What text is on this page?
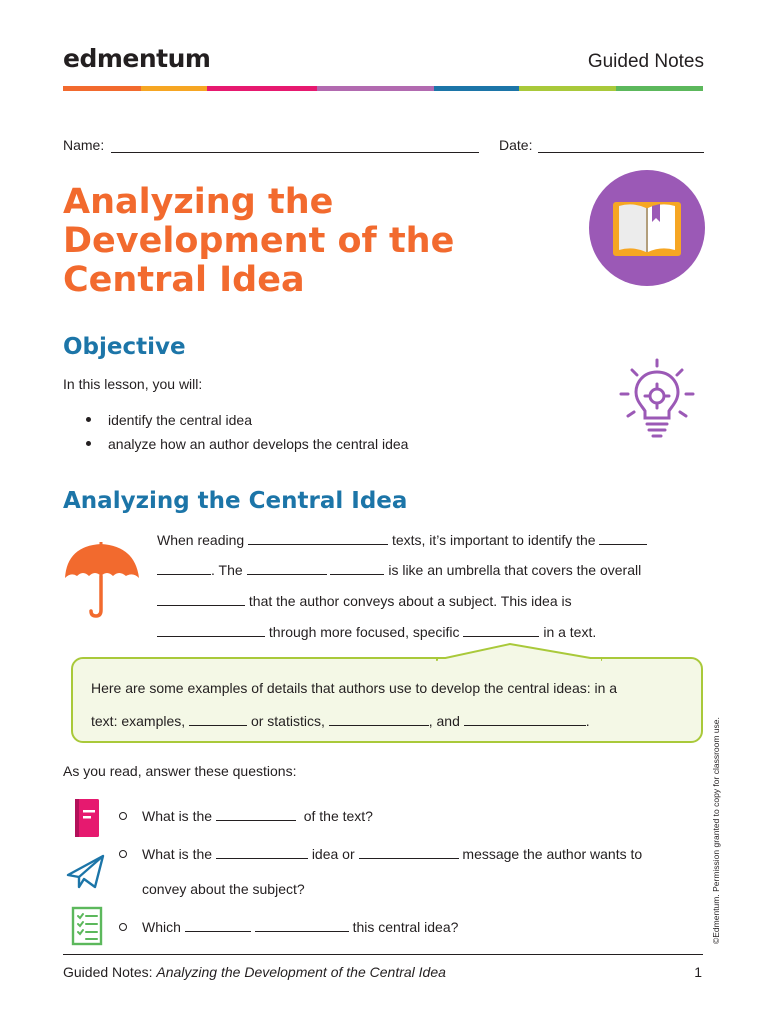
edmentum	Guided Notes
Name:	Date:
Analyzing the
Development of the
Central Idea
Objective
In this lesson, you will:
identify the central idea
analyze how an author develops the central idea
Analyzing the Central Idea
When reading	texts, it’s important to identify the
. The	is like an umbrella that covers the overall
that the author conveys about a subject. This idea is
through more focused, specific	in a text.
Here are some examples of details that authors use to develop the central ideas: in a
text: examples,	or statistics,	, and	.
As you read, answer these questions:
What is the	of the text?
What is the	idea or	message the author wants to
convey about the subject?
Which	this central idea?	©Edmentum. Permission granted to copy for classroom use.
Guided Notes: Analyzing the Development of the Central Idea	1
